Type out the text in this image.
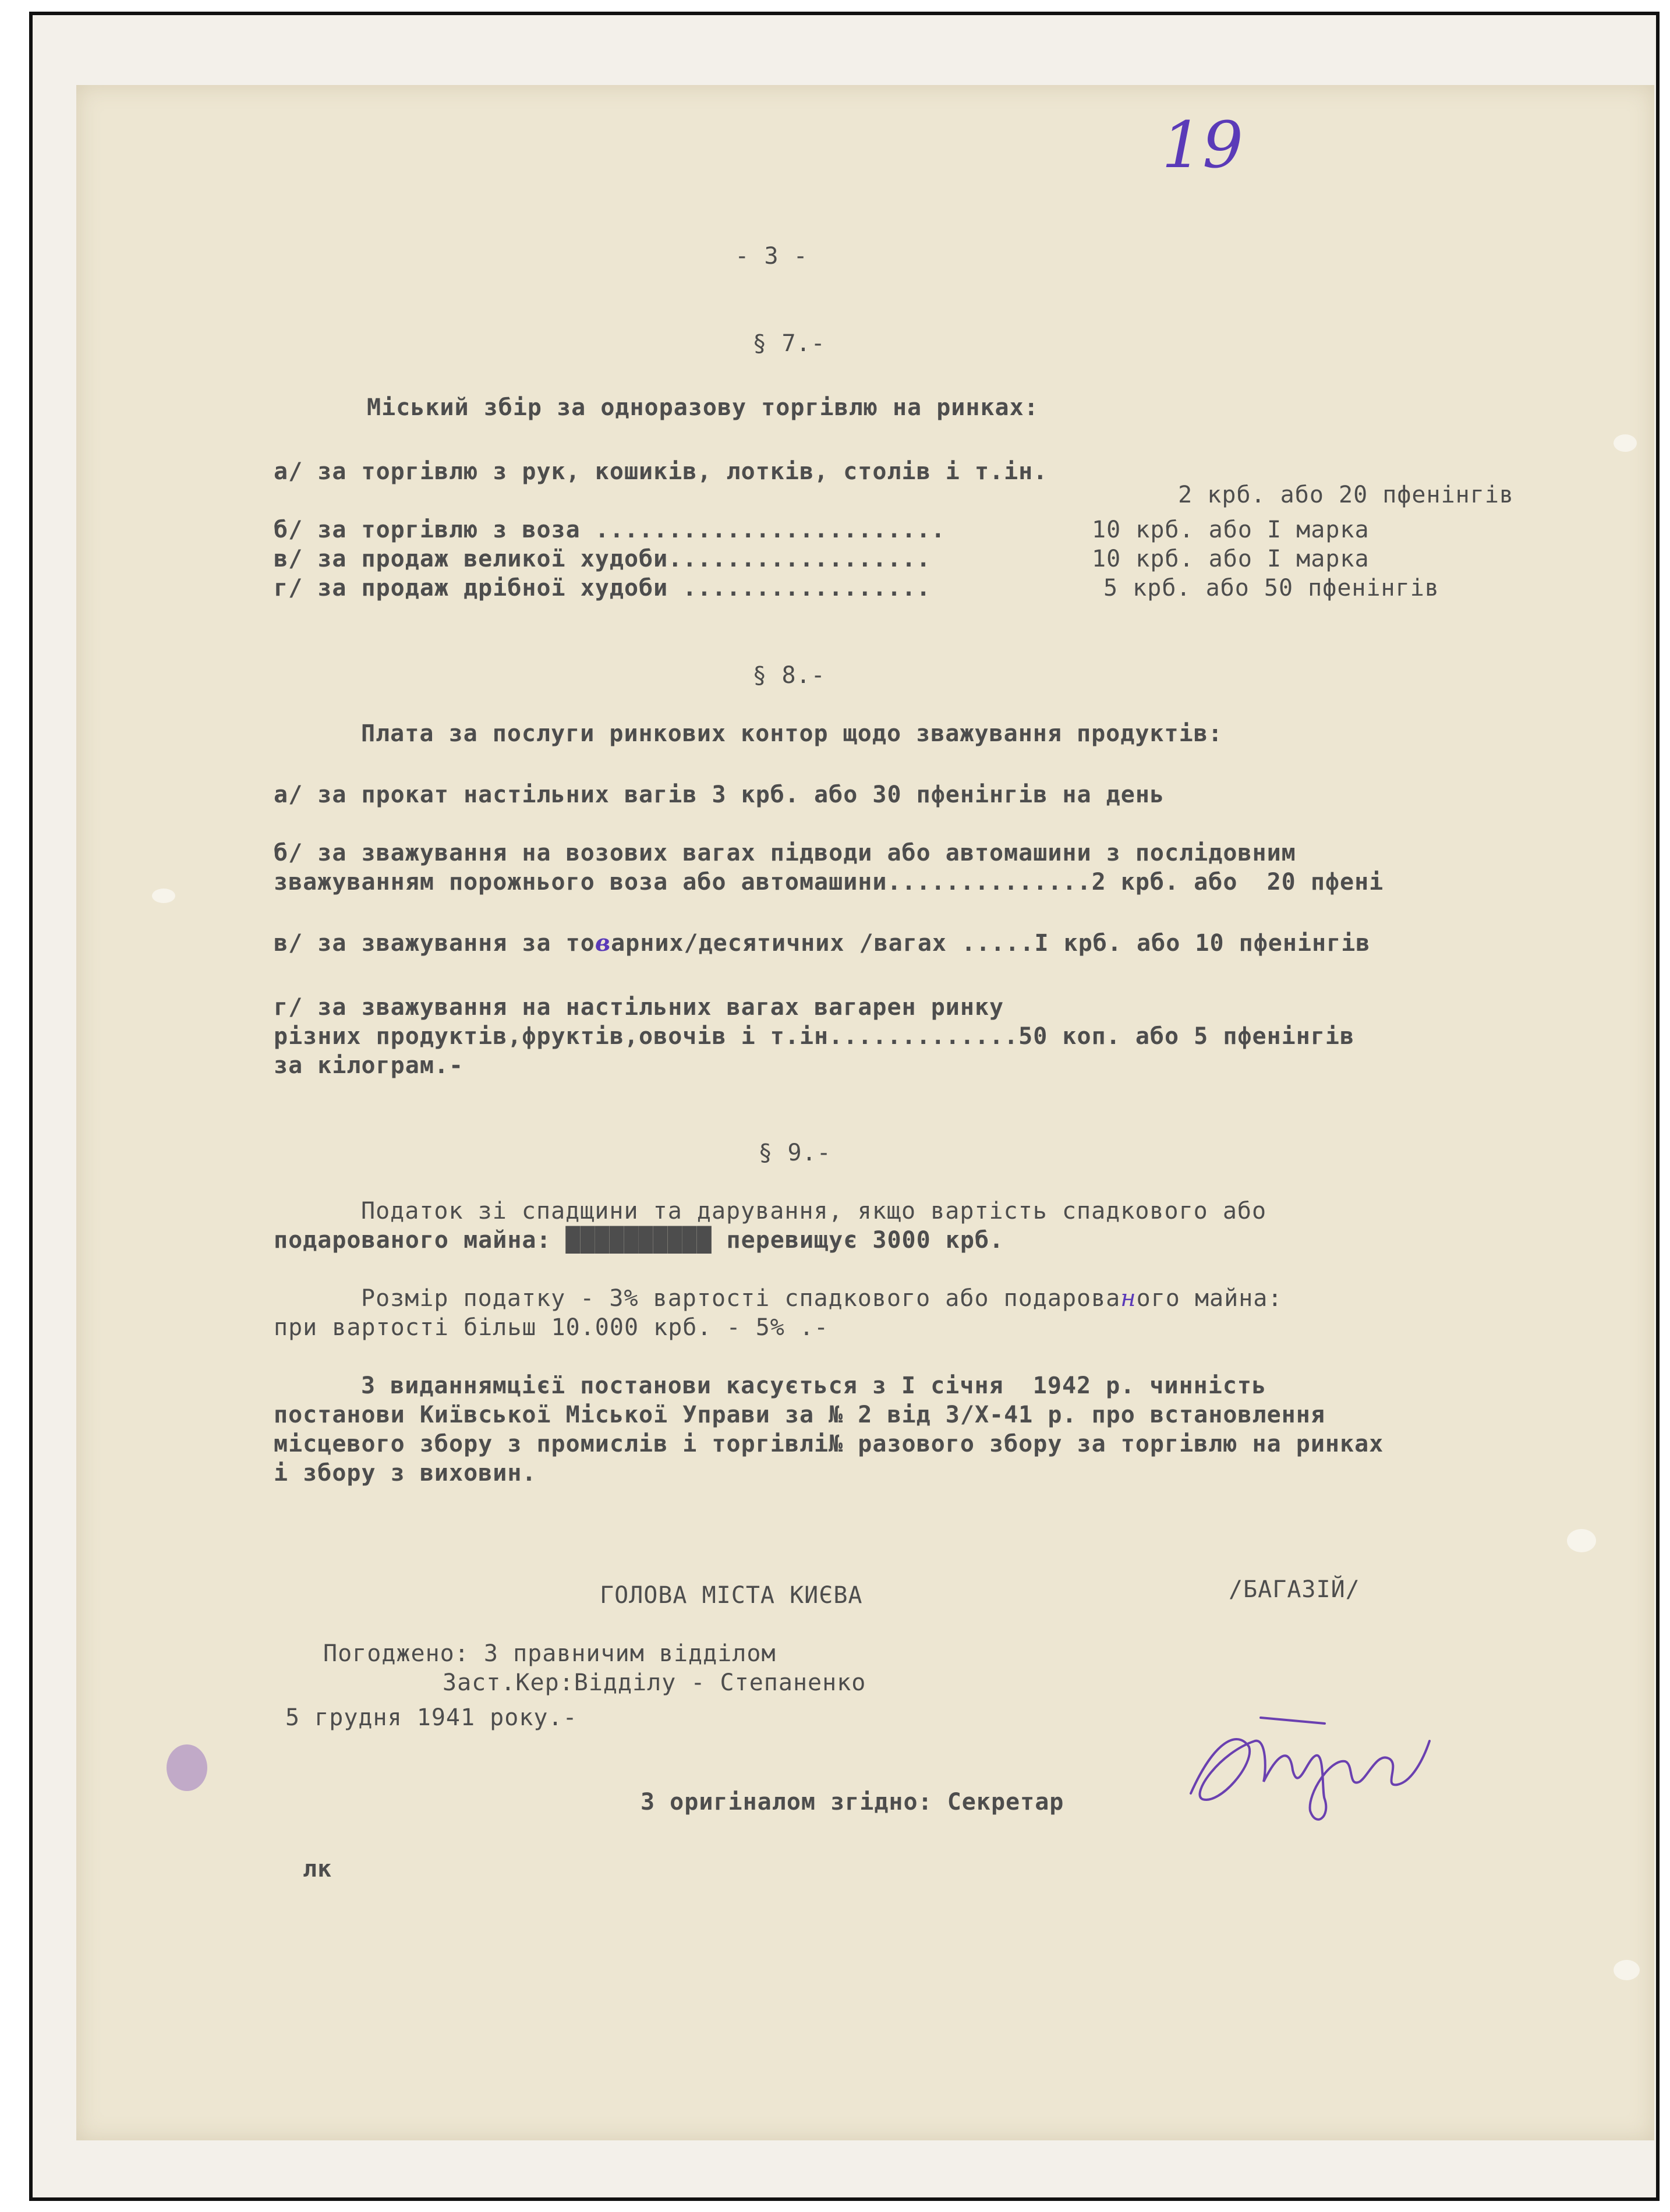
19
- 3 -
§ 7.-
Міський збір за одноразову торгівлю на ринках:
а/ за торгівлю з рук, кошиків, лотків, столів і т.ін.
2 крб. або 20 пфенінгів
б/ за торгівлю з воза ........................	10 крб. або І марка
в/ за продаж великої худоби..................	10 крб. або І марка
г/ за продаж дрібної худоби .................	5 крб. або 50 пфенінгів
§ 8.-
Плата за послуги ринкових контор щодо зважування продуктів:
а/ за прокат настільних вагів 3 крб. або 30 пфенінгів на день
б/ за зважування на возових вагах підводи або автомашини з послідовним
зважуванням порожнього воза або автомашини..............2 крб. або  20 пфені
в/ за зважування за товарних/десятичних /вагах .....І крб. або 10 пфенінгів
г/ за зважування на настільних вагах вагарен ринку
різних продуктів,фруктів,овочів і т.ін.............50 коп. або 5 пфенінгів
за кілограм.-
§ 9.-
Податок зі спадщини та дарування, якщо вартість спадкового або
подарованого майна: ██████████ перевищує 3000 крб.
Розмір податку - 3% вартості спадкового або подарованого майна:
при вартості більш 10.000 крб. - 5% .-
З виданнямцієї постанови касується з І січня  1942 р. чинність
постанови Київської Міської Управи за № 2 від 3/Х-41 р. про встановлення
місцевого збору з промислів і торгівлі№ разового збору за торгівлю на ринках
і збору з виховин.
ГОЛОВА МІСТА КИЄВА	/БАГАЗІЙ/
Погоджено: З правничим відділом
Заст.Кер:Відділу - Степаненко
5 грудня 1941 року.-
З оригіналом згідно: Секретар
лк
